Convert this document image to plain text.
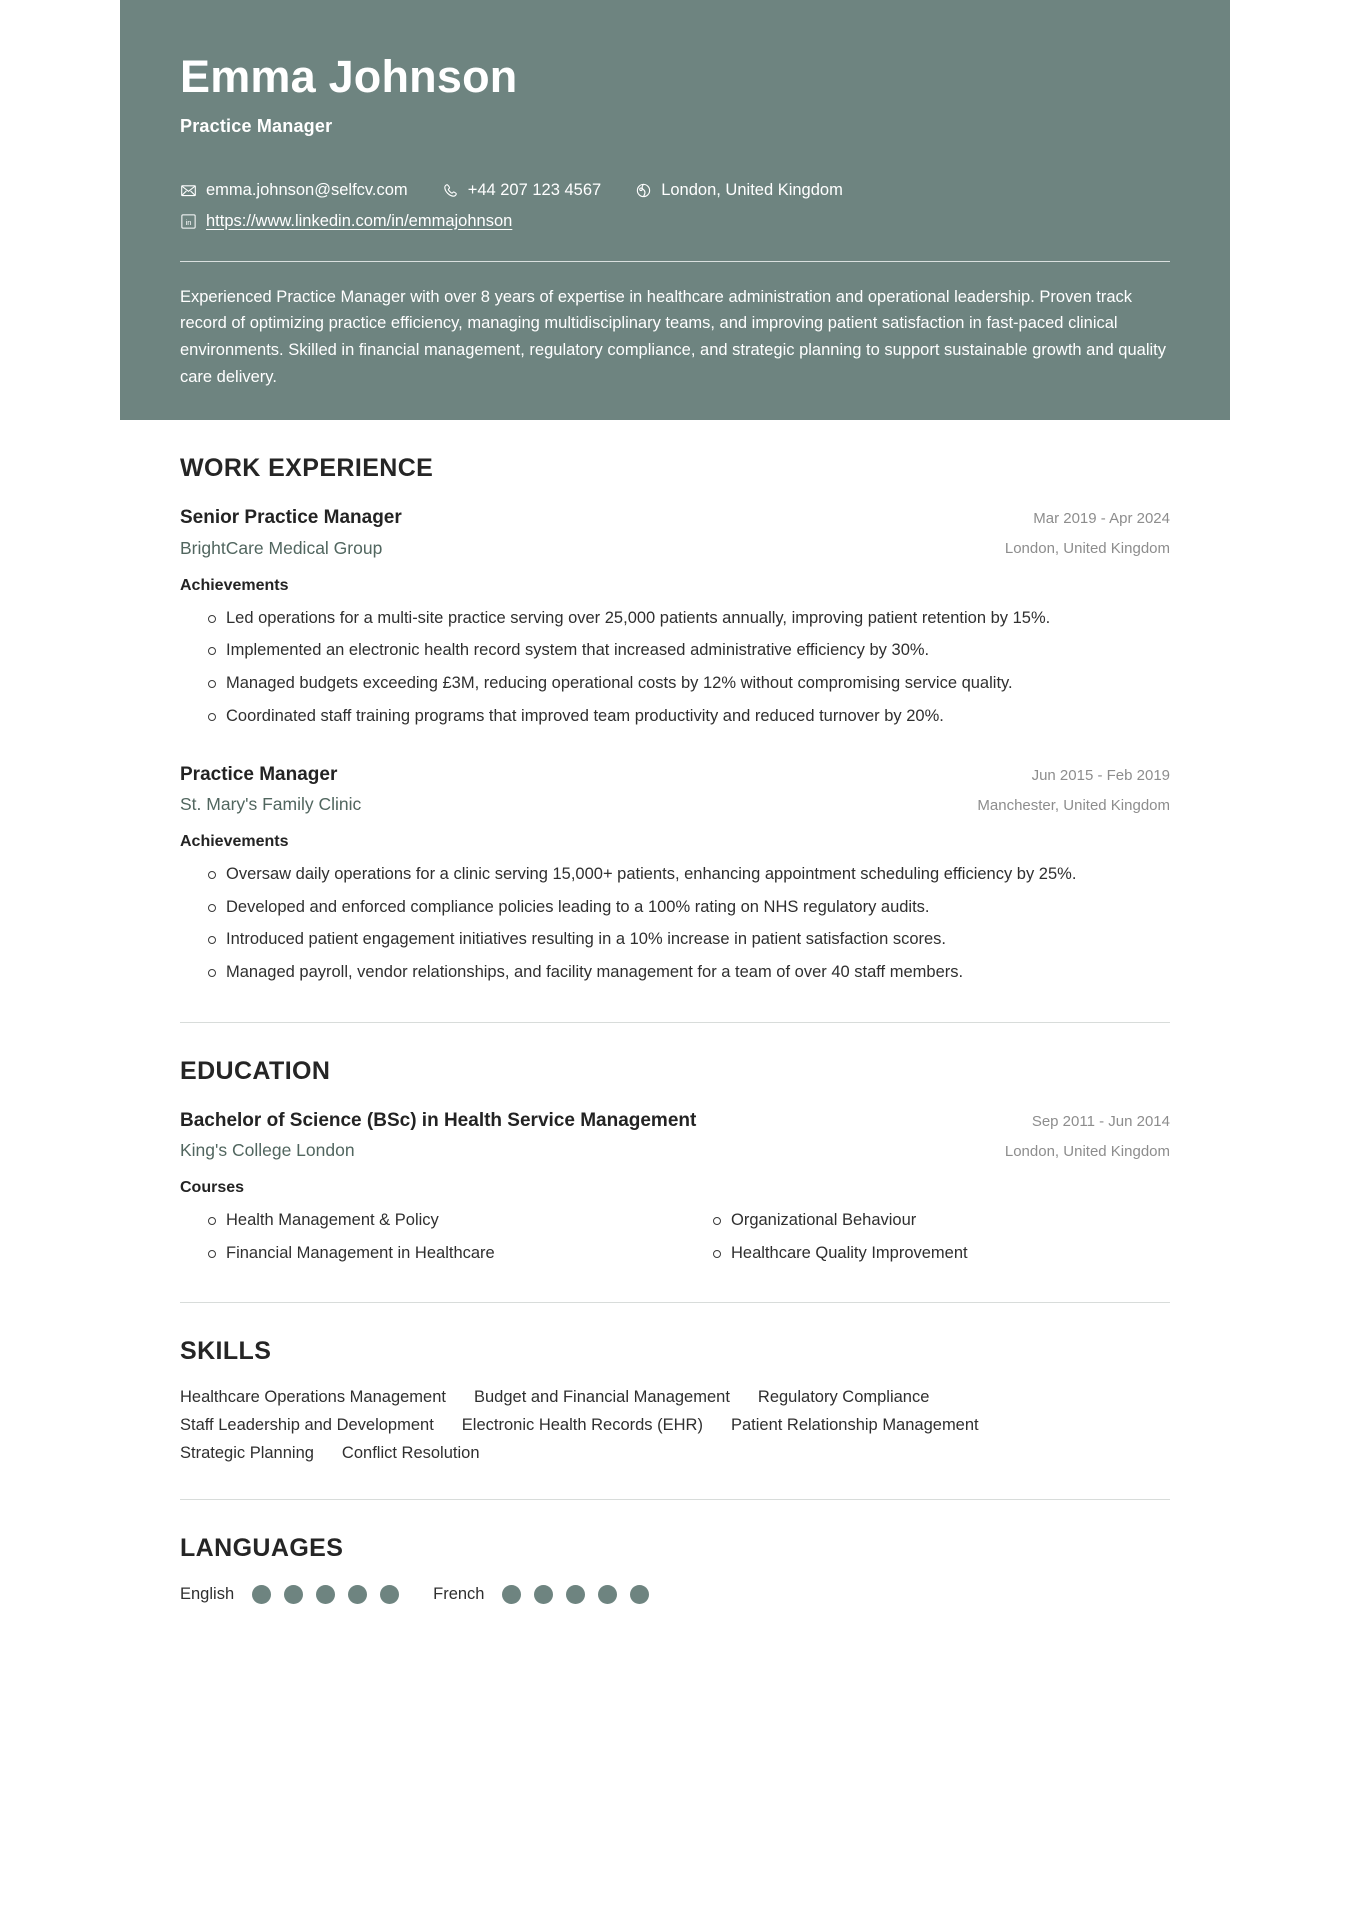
Emma Johnson
Practice Manager
emma.johnson@selfcv.com	+44 207 123 4567	London, United Kingdom
in https://www.linkedin.com/in/emmajohnson
Experienced Practice Manager with over 8 years of expertise in healthcare administration and operational leadership. Proven track record of optimizing practice efficiency, managing multidisciplinary teams, and improving patient satisfaction in fast-paced clinical environments. Skilled in financial management, regulatory compliance, and strategic planning to support sustainable growth and quality care delivery.
WORK EXPERIENCE
Senior Practice Manager
BrightCare Medical Group
Mar 2019 - Apr 2024
London, United Kingdom
Achievements
Led operations for a multi-site practice serving over 25,000 patients annually, improving patient retention by 15%.
Implemented an electronic health record system that increased administrative efficiency by 30%.
Managed budgets exceeding £3M, reducing operational costs by 12% without compromising service quality.
Coordinated staff training programs that improved team productivity and reduced turnover by 20%.
Practice Manager
St. Mary's Family Clinic
Jun 2015 - Feb 2019
Manchester, United Kingdom
Achievements
Oversaw daily operations for a clinic serving 15,000+ patients, enhancing appointment scheduling efficiency by 25%.
Developed and enforced compliance policies leading to a 100% rating on NHS regulatory audits.
Introduced patient engagement initiatives resulting in a 10% increase in patient satisfaction scores.
Managed payroll, vendor relationships, and facility management for a team of over 40 staff members.
EDUCATION
Bachelor of Science (BSc) in Health Service Management
King's College London
Sep 2011 - Jun 2014
London, United Kingdom
Courses
Health Management & Policy	Organizational Behaviour
Financial Management in Healthcare	Healthcare Quality Improvement
SKILLS
Healthcare Operations Management Budget and Financial Management Regulatory Compliance
Staff Leadership and Development Electronic Health Records (EHR) Patient Relationship Management
Strategic Planning Conflict Resolution
LANGUAGES
English	French
